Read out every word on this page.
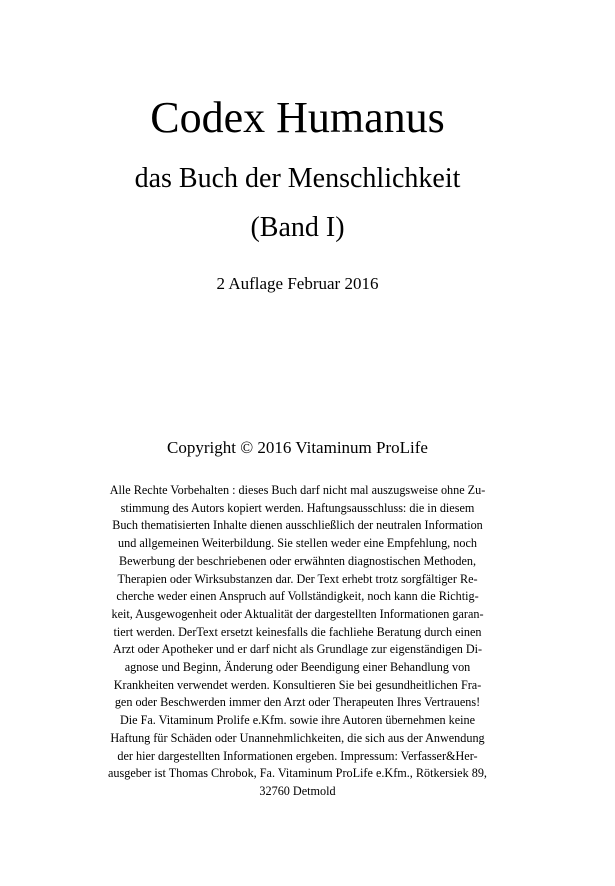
Codex Humanus
das Buch der Menschlichkeit
(Band I)
2 Auflage Februar 2016
Copyright © 2016 Vitaminum ProLife
Alle Rechte Vorbehalten : dieses Buch darf nicht mal auszugsweise ohne Zu-
stimmung des Autors kopiert werden. Haftungsausschluss: die in diesem
Buch thematisierten Inhalte dienen ausschließlich der neutralen Information
und allgemeinen Weiterbildung. Sie stellen weder eine Empfehlung, noch
Bewerbung der beschriebenen oder erwähnten diagnostischen Methoden,
Therapien oder Wirksubstanzen dar. Der Text erhebt trotz sorgfältiger Re-
cherche weder einen Anspruch auf Vollständigkeit, noch kann die Richtig-
keit, Ausgewogenheit oder Aktualität der dargestellten Informationen garan-
tiert werden. DerText ersetzt keinesfalls die fachliehe Beratung durch einen
Arzt oder Apotheker und er darf nicht als Grundlage zur eigenständigen Di-
agnose und Beginn, Änderung oder Beendigung einer Behandlung von
Krankheiten verwendet werden. Konsultieren Sie bei gesundheitlichen Fra-
gen oder Beschwerden immer den Arzt oder Therapeuten Ihres Vertrauens!
Die Fa. Vitaminum Prolife e.Kfm. sowie ihre Autoren übernehmen keine
Haftung für Schäden oder Unannehmlichkeiten, die sich aus der Anwendung
der hier dargestellten Informationen ergeben. Impressum: Verfasser&Her-
ausgeber ist Thomas Chrobok, Fa. Vitaminum ProLife e.Kfm., Rötkersiek 89,
32760 Detmold
